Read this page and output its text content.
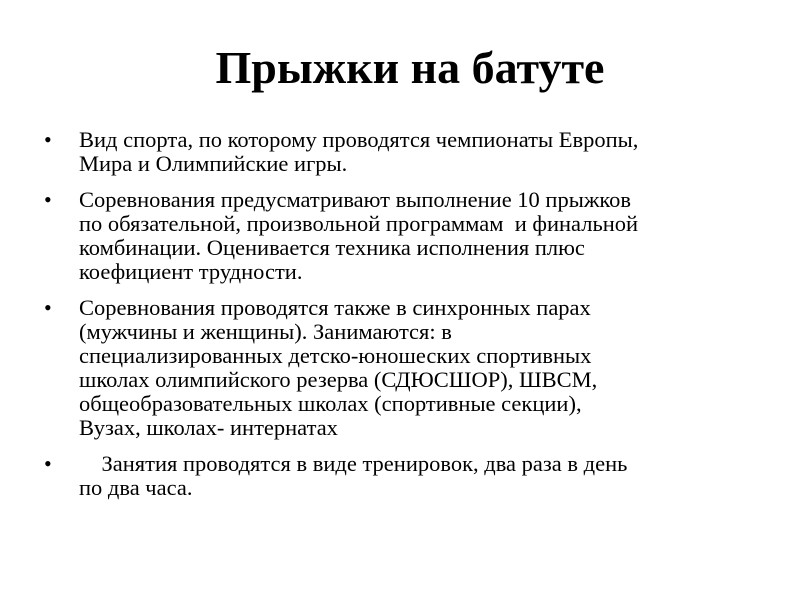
Прыжки на батуте
•	Вид спорта, по которому проводятся чемпионаты Европы,
Мира и Олимпийские игры.
•	Соревнования предусматривают выполнение 10 прыжков
по обязательной, произвольной программам  и финальной
комбинации. Оценивается техника исполнения плюс
коефициент трудности.
•	Соревнования проводятся также в синхронных парах
(мужчины и женщины). Занимаются: в
специализированных детско-юношеских спортивных
школах олимпийского резерва (СДЮСШОР), ШВСМ,
общеобразовательных школах (спортивные секции),
Вузах, школах- интернатах
•	Занятия проводятся в виде тренировок, два раза в день
по два часа.
